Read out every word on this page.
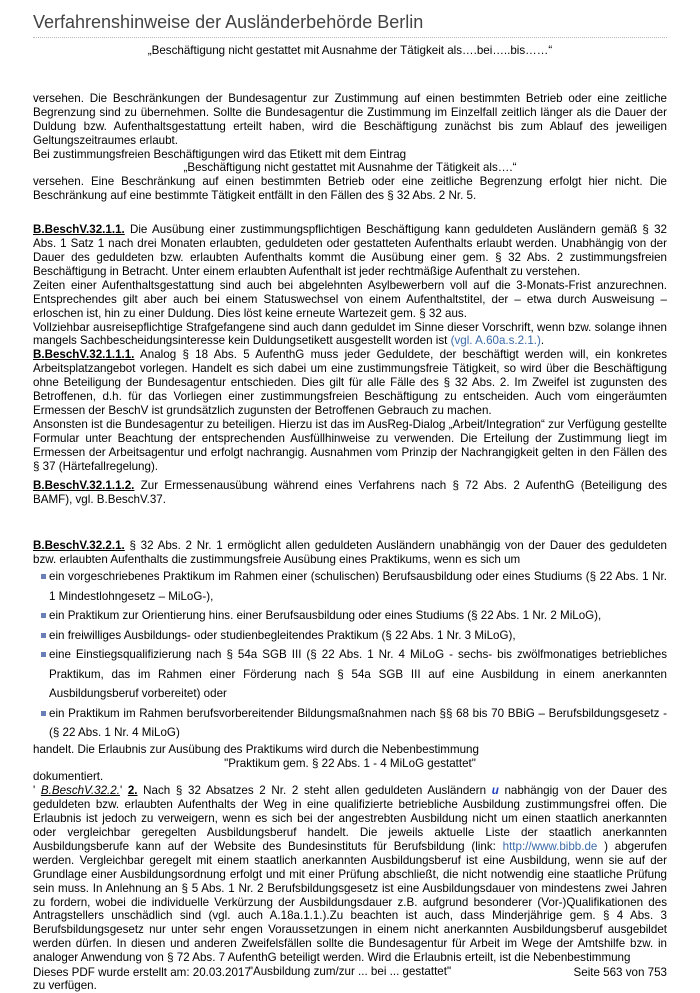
Verfahrenshinweise der Ausländerbehörde Berlin

„Beschäftigung nicht gestattet mit Ausnahme der Tätigkeit als….bei…..bis……“

versehen. Die Beschränkungen der Bundesagentur zur Zustimmung auf einen bestimmten Betrieb oder eine zeitliche Begrenzung sind zu übernehmen. Sollte die Bundesagentur die Zustimmung im Einzelfall zeitlich länger als die Dauer der Duldung bzw. Aufenthaltsgestattung erteilt haben, wird die Beschäftigung zunächst bis zum Ablauf des jeweiligen Geltungszeitraumes erlaubt.

Bei zustimmungsfreien Beschäftigungen wird das Etikett mit dem Eintrag

„Beschäftigung nicht gestattet mit Ausnahme der Tätigkeit als….“

versehen. Eine Beschränkung auf einen bestimmten Betrieb oder eine zeitliche Begrenzung erfolgt hier nicht. Die Beschränkung auf eine bestimmte Tätigkeit entfällt in den Fällen des § 32 Abs. 2 Nr. 5.

B.BeschV.32.1.1. Die Ausübung einer zustimmungspflichtigen Beschäftigung kann geduldeten Ausländern gemäß § 32 Abs. 1 Satz 1 nach drei Monaten erlaubten, geduldeten oder gestatteten Aufenthalts erlaubt werden. Unabhängig von der Dauer des geduldeten bzw. erlaubten Aufenthalts kommt die Ausübung einer gem. § 32 Abs. 2 zustimmungsfreien Beschäftigung in Betracht. Unter einem erlaubten Aufenthalt ist jeder rechtmäßige Aufenthalt zu verstehen.

Zeiten einer Aufenthaltsgestattung sind auch bei abgelehnten Asylbewerbern voll auf die 3-Monats-Frist anzurechnen. Entsprechendes gilt aber auch bei einem Statuswechsel von einem Aufenthaltstitel, der – etwa durch Ausweisung – erloschen ist, hin zu einer Duldung. Dies löst keine erneute Wartezeit gem. § 32 aus.

Vollziehbar ausreisepflichtige Strafgefangene sind auch dann geduldet im Sinne dieser Vorschrift, wenn bzw. solange ihnen mangels Sachbescheidungsinteresse kein Duldungsetikett ausgestellt worden ist (vgl. A.60a.s.2.1.).

B.BeschV.32.1.1.1. Analog § 18 Abs. 5 AufenthG muss jeder Geduldete, der beschäftigt werden will, ein konkretes Arbeitsplatzangebot vorlegen. Handelt es sich dabei um eine zustimmungsfreie Tätigkeit, so wird über die Beschäftigung ohne Beteiligung der Bundesagentur entschieden. Dies gilt für alle Fälle des § 32 Abs. 2. Im Zweifel ist zugunsten des Betroffenen, d.h. für das Vorliegen einer zustimmungsfreien Beschäftigung zu entscheiden. Auch vom eingeräumten Ermessen der BeschV ist grundsätzlich zugunsten der Betroffenen Gebrauch zu machen.

Ansonsten ist die Bundesagentur zu beteiligen. Hierzu ist das im AusReg-Dialog „Arbeit/Integration“ zur Verfügung gestellte Formular unter Beachtung der entsprechenden Ausfüllhinweise zu verwenden. Die Erteilung der Zustimmung liegt im Ermessen der Arbeitsagentur und erfolgt nachrangig. Ausnahmen vom Prinzip der Nachrangigkeit gelten in den Fällen des § 37 (Härtefallregelung).

B.BeschV.32.1.1.2. Zur Ermessenausübung während eines Verfahrens nach § 72 Abs. 2 AufenthG (Beteiligung des BAMF), vgl. B.BeschV.37.

B.BeschV.32.2.1. § 32 Abs. 2 Nr. 1 ermöglicht allen geduldeten Ausländern unabhängig von der Dauer des geduldeten bzw. erlaubten Aufenthalts die zustimmungsfreie Ausübung eines Praktikums, wenn es sich um

ein vorgeschriebenes Praktikum im Rahmen einer (schulischen) Berufsausbildung oder eines Studiums (§ 22 Abs. 1 Nr. 1 Mindestlohngesetz – MiLoG-),
ein Praktikum zur Orientierung hins. einer Berufsausbildung oder eines Studiums (§ 22 Abs. 1 Nr. 2 MiLoG),
ein freiwilliges Ausbildungs- oder studienbegleitendes Praktikum (§ 22 Abs. 1 Nr. 3 MiLoG),
eine Einstiegsqualifizierung nach § 54a SGB III (§ 22 Abs. 1 Nr. 4 MiLoG - sechs- bis zwölfmonatiges betriebliches Praktikum, das im Rahmen einer Förderung nach § 54a SGB III auf eine Ausbildung in einem anerkannten Ausbildungsberuf vorbereitet) oder
ein Praktikum im Rahmen berufsvorbereitender Bildungsmaßnahmen nach §§ 68 bis 70 BBiG – Berufsbildungsgesetz - (§ 22 Abs. 1 Nr. 4 MiLoG)

handelt. Die Erlaubnis zur Ausübung des Praktikums wird durch die Nebenbestimmung

"Praktikum gem. § 22 Abs. 1 - 4 MiLoG gestattet"

dokumentiert.

' B.BeschV.32.2.' 2. Nach § 32 Absatzes 2 Nr. 2 steht allen geduldeten Ausländern u nabhängig von der Dauer des geduldeten bzw. erlaubten Aufenthalts der Weg in eine qualifizierte betriebliche Ausbildung zustimmungsfrei offen. Die Erlaubnis ist jedoch zu verweigern, wenn es sich bei der angestrebten Ausbildung nicht um einen staatlich anerkannten oder vergleichbar geregelten Ausbildungsberuf handelt. Die jeweils aktuelle Liste der staatlich anerkannten Ausbildungsberufe kann auf der Website des Bundesinstituts für Berufsbildung (link: http://www.bibb.de ) abgerufen werden. Vergleichbar geregelt mit einem staatlich anerkannten Ausbildungsberuf ist eine Ausbildung, wenn sie auf der Grundlage einer Ausbildungsordnung erfolgt und mit einer Prüfung abschließt, die nicht notwendig eine staatliche Prüfung sein muss. In Anlehnung an § 5 Abs. 1 Nr. 2 Berufsbildungsgesetz ist eine Ausbildungsdauer von mindestens zwei Jahren zu fordern, wobei die individuelle Verkürzung der Ausbildungsdauer z.B. aufgrund besonderer (Vor-)Qualifikationen des Antragstellers unschädlich sind (vgl. auch A.18a.1.1.).Zu beachten ist auch, dass Minderjährige gem. § 4 Abs. 3 Berufsbildungsgesetz nur unter sehr engen Voraussetzungen in einem nicht anerkannten Ausbildungsberuf ausgebildet werden dürfen. In diesen und anderen Zweifelsfällen sollte die Bundesagentur für Arbeit im Wege der Amtshilfe bzw. in analoger Anwendung von § 72 Abs. 7 AufenthG beteiligt werden. Wird die Erlaubnis erteilt, ist die Nebenbestimmung

"Ausbildung zum/zur ... bei ... gestattet"

zu verfügen.

Dieses PDF wurde erstellt am: 20.03.2017	Seite 563 von 753
